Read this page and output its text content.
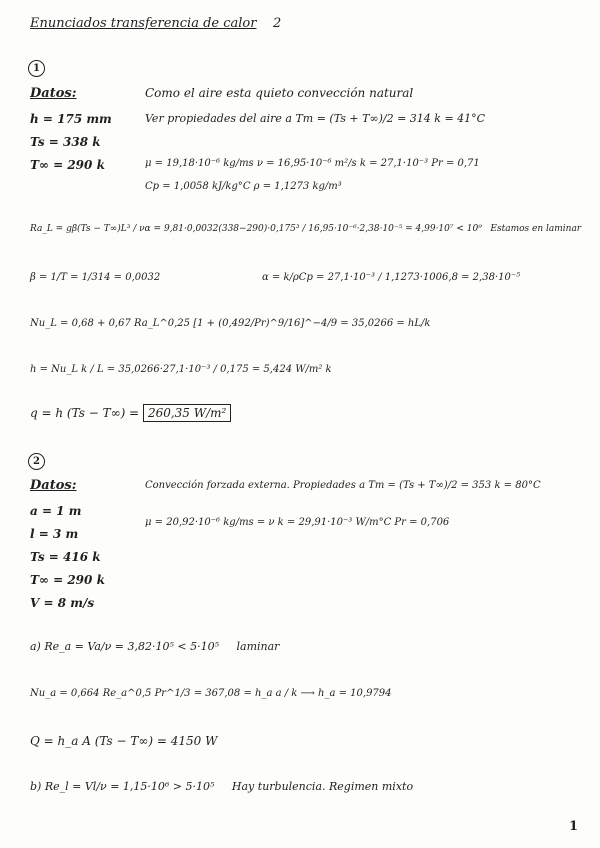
Enunciados transferencia de calor 2
1
Datos:	Como el aire esta quieto convección natural
h = 175 mm	Ver propiedades del aire a Tm = (Ts + T∞)/2 = 314 k = 41°C
Ts = 338 k
T∞ = 290 k	μ = 19,18·10⁻⁶ kg/ms ν = 16,95·10⁻⁶ m²/s k = 27,1·10⁻³ Pr = 0,71
Cp = 1,0058 kJ/kg°C ρ = 1,1273 kg/m³
Ra_L = gβ(Ts − T∞)L³ / να = 9,81·0,0032(338−290)·0,175³ / 16,95·10⁻⁶·2,38·10⁻⁵ = 4,99·10⁷ < 10⁹ Estamos en laminar
β = 1/T = 1/314 = 0,0032	α = k/ρCp = 27,1·10⁻³ / 1,1273·1006,8 = 2,38·10⁻⁵
Nu_L = 0,68 + 0,67 Ra_L^0,25 [1 + (0,492/Pr)^9/16]^−4/9 = 35,0266 = hL/k
h = Nu_L k / L = 35,0266·27,1·10⁻³ / 0,175 = 5,424 W/m² k
q = h (Ts − T∞) = 260,35 W/m²
2
Datos:	Convección forzada externa. Propiedades a Tm = (Ts + T∞)/2 = 353 k = 80°C
a = 1 m
l = 3 m
μ = 20,92·10⁻⁶ kg/ms = ν k = 29,91·10⁻³ W/m°C Pr = 0,706
Ts = 416 k
T∞ = 290 k
V = 8 m/s
a) Re_a = Va/ν = 3,82·10⁵ < 5·10⁵ laminar
Nu_a = 0,664 Re_a^0,5 Pr^1/3 = 367,08 = h_a a / k ⟶ h_a = 10,9794
Q = h_a A (Ts − T∞) = 4150 W
b) Re_l = Vl/ν = 1,15·10⁶ > 5·10⁵ Hay turbulencia. Regimen mixto
1
